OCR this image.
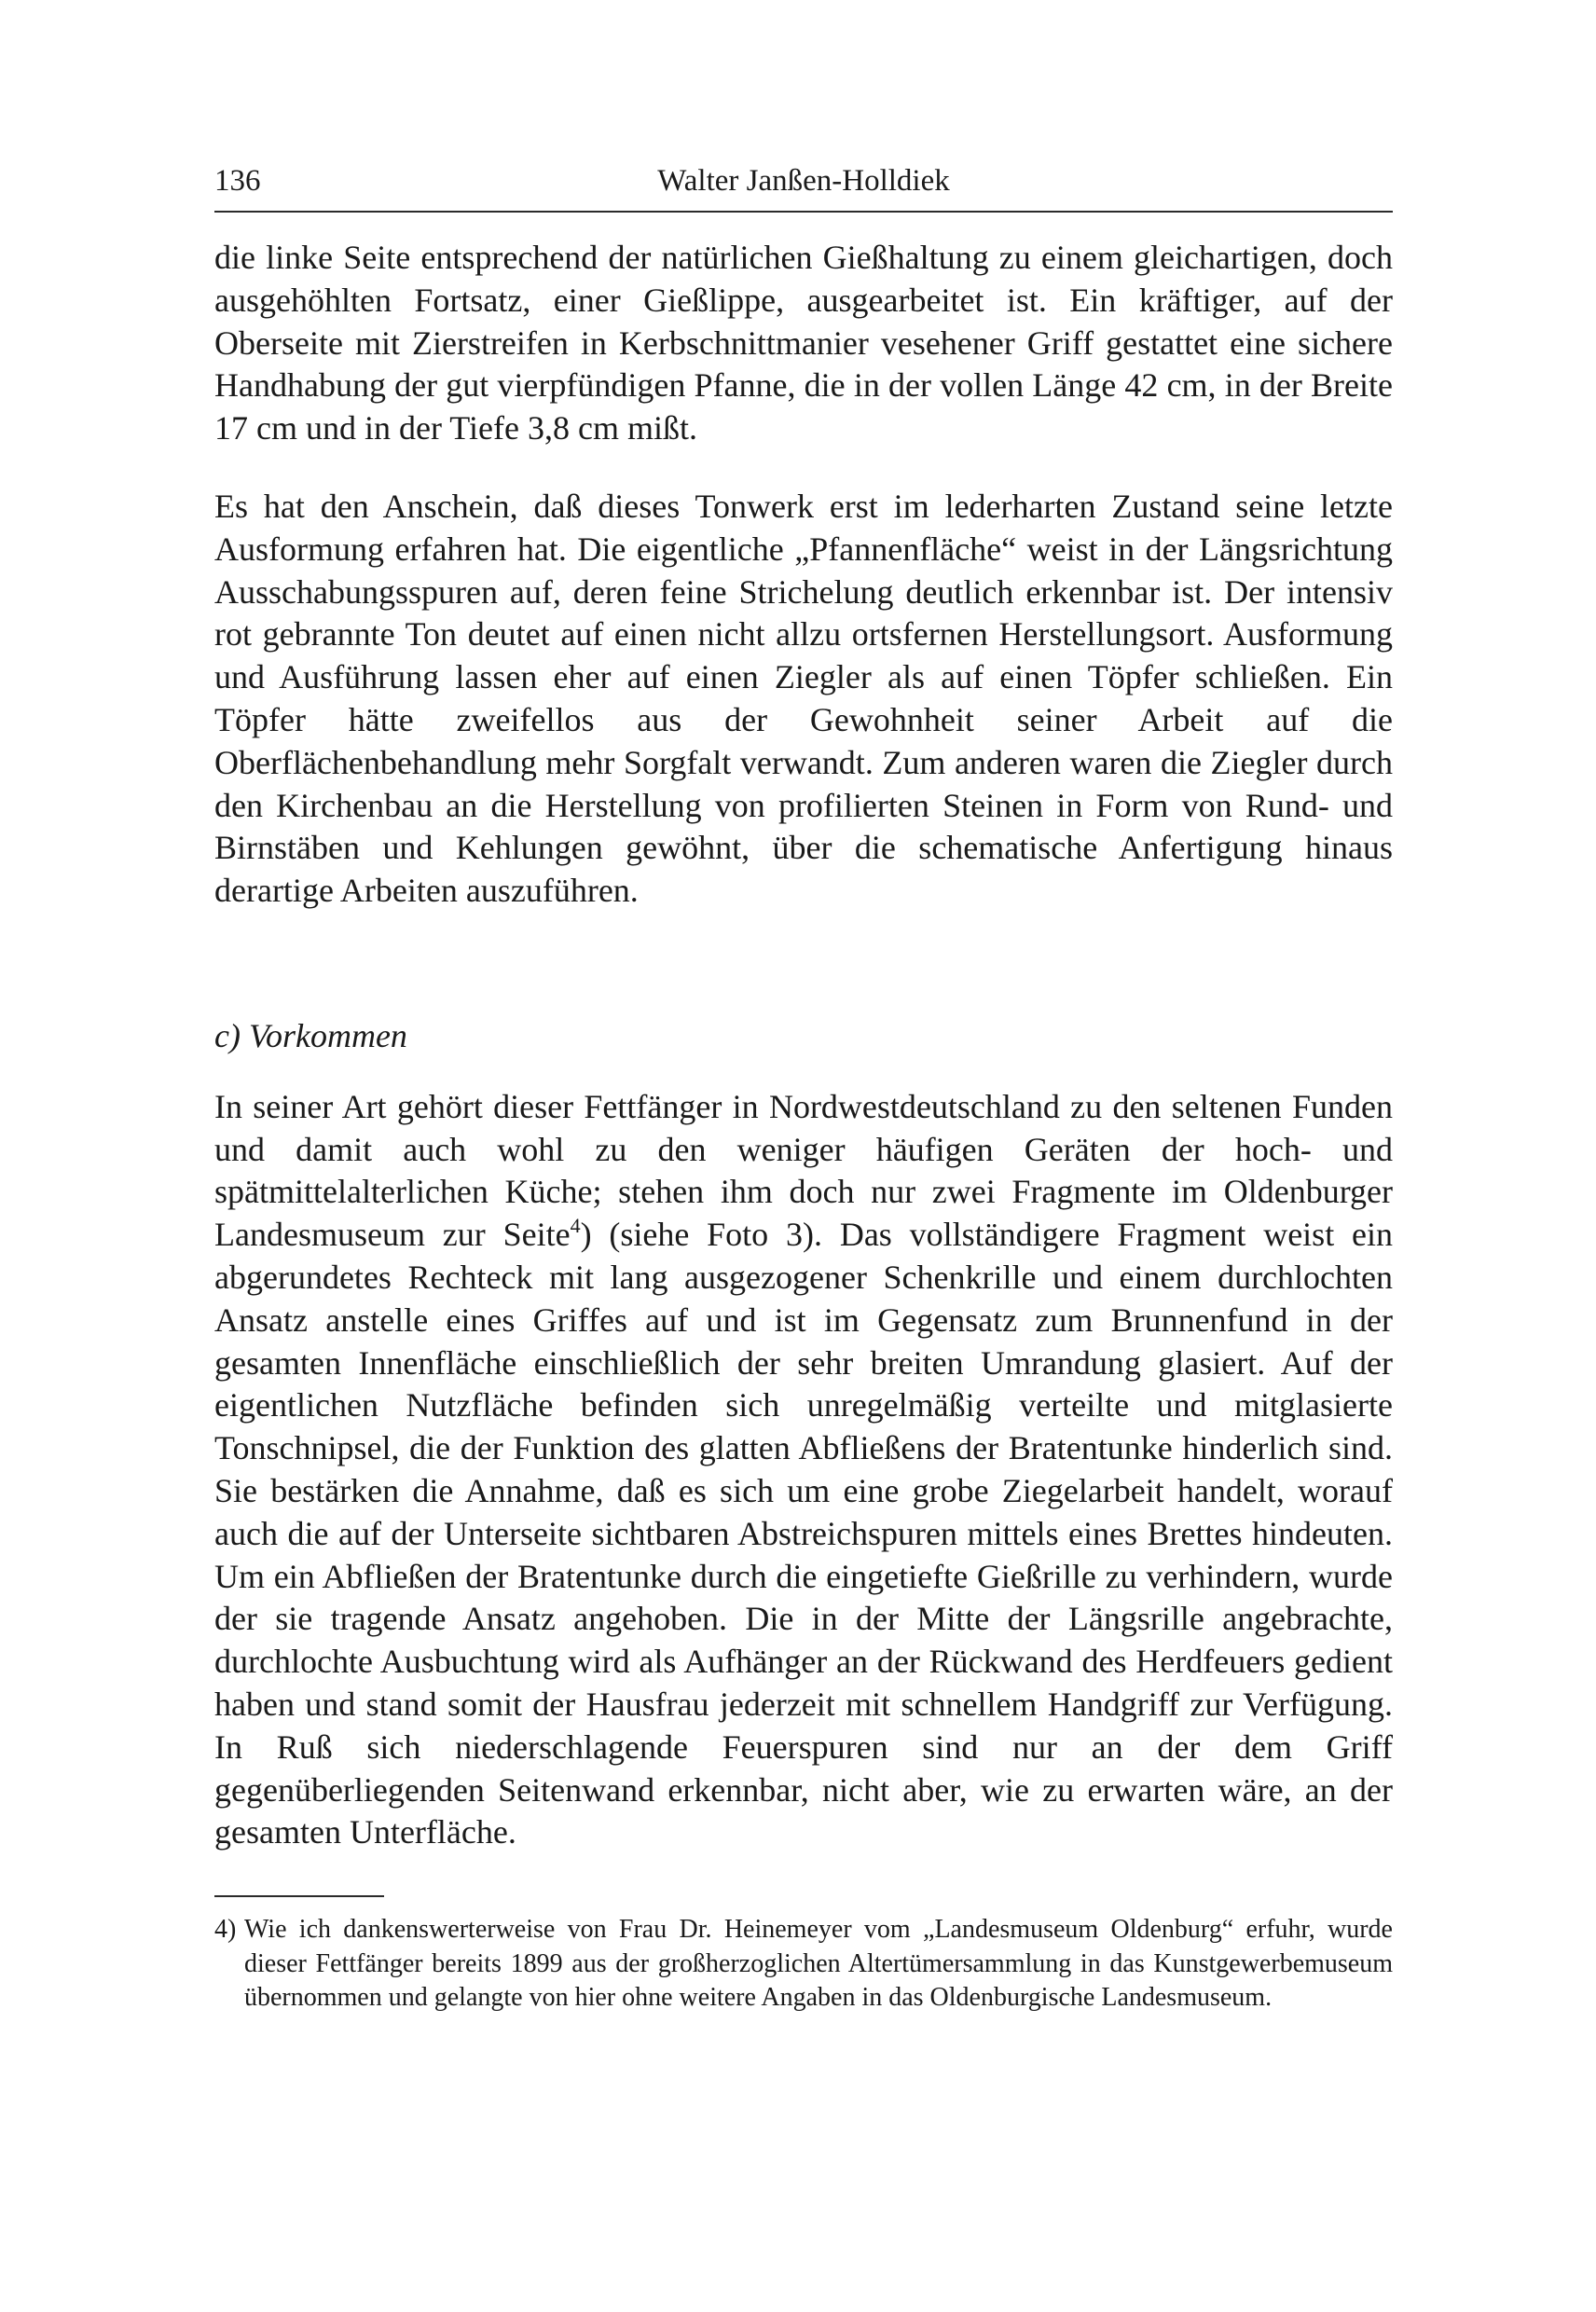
136	Walter Janßen-Holldiek

die linke Seite entsprechend der natürlichen Gießhaltung zu einem gleichartigen, doch ausgehöhlten Fortsatz, einer Gießlippe, ausgearbeitet ist. Ein kräftiger, auf der Oberseite mit Zierstreifen in Kerbschnittmanier vesehener Griff gestattet eine sichere Handhabung der gut vierpfündigen Pfanne, die in der vollen Länge 42 cm, in der Breite 17 cm und in der Tiefe 3,8 cm mißt.

Es hat den Anschein, daß dieses Tonwerk erst im lederharten Zustand seine letzte Ausformung erfahren hat. Die eigentliche „Pfannenfläche“ weist in der Längsrichtung Ausschabungsspuren auf, deren feine Strichelung deutlich erkennbar ist. Der intensiv rot gebrannte Ton deutet auf einen nicht allzu ortsfernen Herstellungsort. Ausformung und Ausführung lassen eher auf einen Ziegler als auf einen Töpfer schließen. Ein Töpfer hätte zweifellos aus der Gewohnheit seiner Arbeit auf die Oberflächenbehandlung mehr Sorgfalt verwandt. Zum anderen waren die Ziegler durch den Kirchenbau an die Herstellung von profilierten Steinen in Form von Rund- und Birnstäben und Kehlungen gewöhnt, über die schematische Anfertigung hinaus derartige Arbeiten auszuführen.

c) Vorkommen

In seiner Art gehört dieser Fettfänger in Nordwestdeutschland zu den seltenen Funden und damit auch wohl zu den weniger häufigen Geräten der hoch- und spätmittelalterlichen Küche; stehen ihm doch nur zwei Fragmente im Oldenburger Landesmuseum zur Seite$^4$) (siehe Foto 3). Das vollständigere Fragment weist ein abgerundetes Rechteck mit lang ausgezogener Schenkrille und einem durchlochten Ansatz anstelle eines Griffes auf und ist im Gegensatz zum Brunnenfund in der gesamten Innenfläche einschließlich der sehr breiten Umrandung glasiert. Auf der eigentlichen Nutzfläche befinden sich unregelmäßig verteilte und mitglasierte Tonschnipsel, die der Funktion des glatten Abfließens der Bratentunke hinderlich sind. Sie bestärken die Annahme, daß es sich um eine grobe Ziegelarbeit handelt, worauf auch die auf der Unterseite sichtbaren Abstreichspuren mittels eines Brettes hindeuten. Um ein Abfließen der Bratentunke durch die eingetiefte Gießrille zu verhindern, wurde der sie tragende Ansatz angehoben. Die in der Mitte der Längsrille angebrachte, durchlochte Ausbuchtung wird als Aufhänger an der Rückwand des Herdfeuers gedient haben und stand somit der Hausfrau jederzeit mit schnellem Handgriff zur Verfügung. In Ruß sich niederschlagende Feuerspuren sind nur an der dem Griff gegenüberliegenden Seitenwand erkennbar, nicht aber, wie zu erwarten wäre, an der gesamten Unterfläche.

4) Wie ich dankenswerterweise von Frau Dr. Heinemeyer vom „Landesmuseum Oldenburg“ erfuhr, wurde dieser Fettfänger bereits 1899 aus der großherzoglichen Altertümersammlung in das Kunstgewerbemuseum übernommen und gelangte von hier ohne weitere Angaben in das Oldenburgische Landesmuseum.
